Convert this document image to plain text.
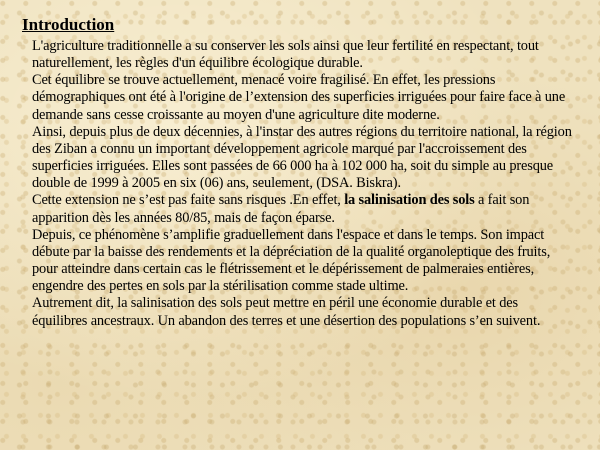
Introduction

L'agriculture traditionnelle a su conserver les sols ainsi que leur fertilité en respectant, tout naturellement, les règles d'un équilibre écologique durable.

Cet équilibre se trouve actuellement, menacé voire fragilisé. En effet, les pressions démographiques ont été à l'origine de l’extension des superficies irriguées pour faire face à une demande sans cesse croissante au moyen d'une agriculture dite moderne.

Ainsi, depuis plus de deux décennies, à l'instar des autres régions du territoire national, la région des Ziban a connu un important développement agricole marqué par l'accroissement des superficies irriguées. Elles sont passées de 66 000 ha à 102 000 ha, soit du simple au presque double de 1999 à 2005 en six (06) ans, seulement, (DSA. Biskra).

Cette extension ne s’est pas faite sans risques .En effet, la salinisation des sols a fait son apparition dès les années 80/85, mais de façon éparse.

Depuis, ce phénomène s’amplifie graduellement dans l'espace et dans le temps. Son impact débute par la baisse des rendements et la dépréciation de la qualité organoleptique des fruits, pour atteindre dans certain cas le flétrissement et le dépérissement de palmeraies entières, engendre des pertes en sols par la stérilisation comme stade ultime.

Autrement dit, la salinisation des sols peut mettre en péril une économie durable et des équilibres ancestraux. Un abandon des terres et une désertion des populations s’en suivent.
